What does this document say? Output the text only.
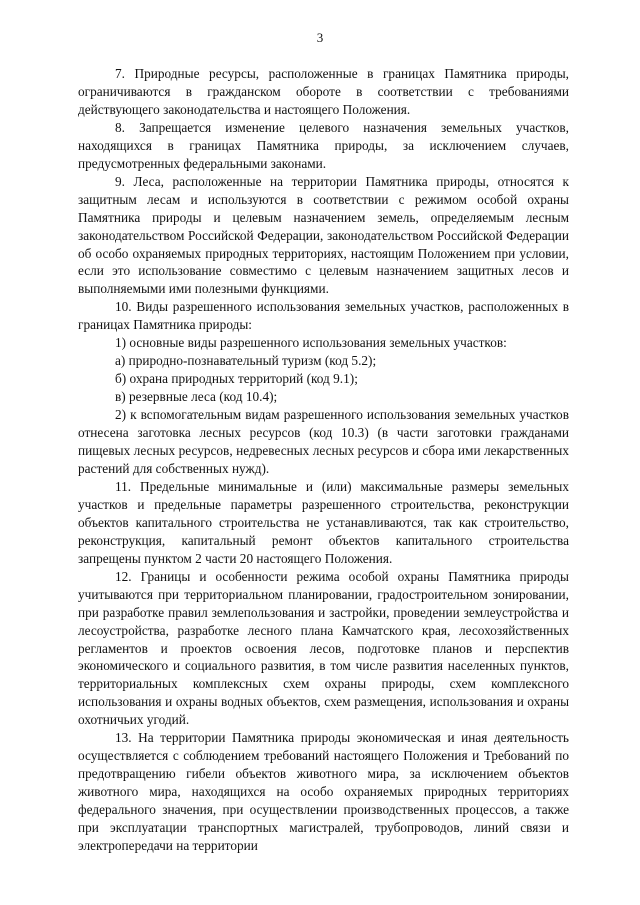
3

7. Природные ресурсы, расположенные в границах Памятника природы, ограничиваются в гражданском обороте в соответствии с требованиями действующего законодательства и настоящего Положения.

8. Запрещается изменение целевого назначения земельных участков, находящихся в границах Памятника природы, за исключением случаев, предусмотренных федеральными законами.

9. Леса, расположенные на территории Памятника природы, относятся к защитным лесам и используются в соответствии с режимом особой охраны Памятника природы и целевым назначением земель, определяемым лесным законодательством Российской Федерации, законодательством Российской Федерации об особо охраняемых природных территориях, настоящим Положением при условии, если это использование совместимо с целевым назначением защитных лесов и выполняемыми ими полезными функциями.

10. Виды разрешенного использования земельных участков, расположенных в границах Памятника природы:

1) основные виды разрешенного использования земельных участков:

а) природно-познавательный туризм (код 5.2);

б) охрана природных территорий (код 9.1);

в) резервные леса (код 10.4);

2) к вспомогательным видам разрешенного использования земельных участков отнесена заготовка лесных ресурсов (код 10.3) (в части заготовки гражданами пищевых лесных ресурсов, недревесных лесных ресурсов и сбора ими лекарственных растений для собственных нужд).

11. Предельные минимальные и (или) максимальные размеры земельных участков и предельные параметры разрешенного строительства, реконструкции объектов капитального строительства не устанавливаются, так как строительство, реконструкция, капитальный ремонт объектов капитального строительства запрещены пунктом 2 части 20 настоящего Положения.

12. Границы и особенности режима особой охраны Памятника природы учитываются при территориальном планировании, градостроительном зонировании, при разработке правил землепользования и застройки, проведении землеустройства и лесоустройства, разработке лесного плана Камчатского края, лесохозяйственных регламентов и проектов освоения лесов, подготовке планов и перспектив экономического и социального развития, в том числе развития населенных пунктов, территориальных комплексных схем охраны природы, схем комплексного использования и охраны водных объектов, схем размещения, использования и охраны охотничьих угодий.

13. На территории Памятника природы экономическая и иная деятельность осуществляется с соблюдением требований настоящего Положения и Требований по предотвращению гибели объектов животного мира, за исключением объектов животного мира, находящихся на особо охраняемых природных территориях федерального значения, при осуществлении производственных процессов, а также при эксплуатации транспортных магистралей, трубопроводов, линий связи и электропередачи на территории
